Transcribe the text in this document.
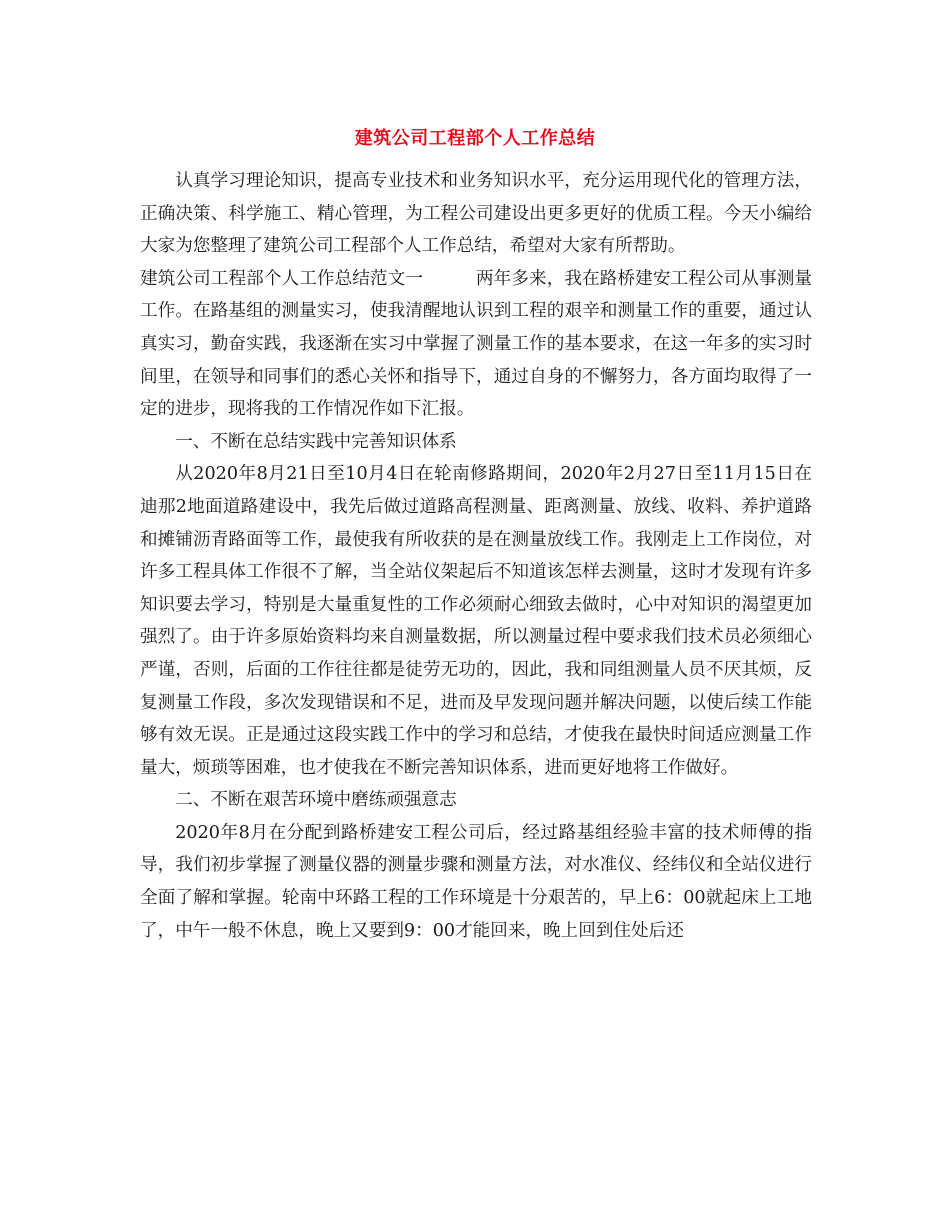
建筑公司工程部个人工作总结

认真学习理论知识，提高专业技术和业务知识水平，充分运用现代化的管理方法，正确决策、科学施工、精心管理，为工程公司建设出更多更好的优质工程。今天小编给大家为您整理了建筑公司工程部个人工作总结，希望对大家有所帮助。

建筑公司工程部个人工作总结范文一	两年多来，我在路桥建安工程公司从事测量工作。在路基组的测量实习，使我清醒地认识到工程的艰辛和测量工作的重要，通过认真实习，勤奋实践，我逐渐在实习中掌握了测量工作的基本要求，在这一年多的实习时间里，在领导和同事们的悉心关怀和指导下，通过自身的不懈努力，各方面均取得了一定的进步，现将我的工作情况作如下汇报。

一、不断在总结实践中完善知识体系

从2020年8月21日至10月4日在轮南修路期间，2020年2月27日至11月15日在迪那2地面道路建设中，我先后做过道路高程测量、距离测量、放线、收料、养护道路和摊铺沥青路面等工作，最使我有所收获的是在测量放线工作。我刚走上工作岗位，对许多工程具体工作很不了解，当全站仪架起后不知道该怎样去测量，这时才发现有许多知识要去学习，特别是大量重复性的工作必须耐心细致去做时，心中对知识的渴望更加强烈了。由于许多原始资料均来自测量数据，所以测量过程中要求我们技术员必须细心严谨，否则，后面的工作往往都是徒劳无功的，因此，我和同组测量人员不厌其烦，反复测量工作段，多次发现错误和不足，进而及早发现问题并解决问题，以使后续工作能够有效无误。正是通过这段实践工作中的学习和总结，才使我在最快时间适应测量工作量大，烦琐等困难，也才使我在不断完善知识体系，进而更好地将工作做好。

二、不断在艰苦环境中磨练顽强意志

2020年8月在分配到路桥建安工程公司后，经过路基组经验丰富的技术师傅的指导，我们初步掌握了测量仪器的测量步骤和测量方法，对水准仪、经纬仪和全站仪进行全面了解和掌握。轮南中环路工程的工作环境是十分艰苦的，早上6：00就起床上工地了，中午一般不休息，晚上又要到9：00才能回来，晚上回到住处后还
